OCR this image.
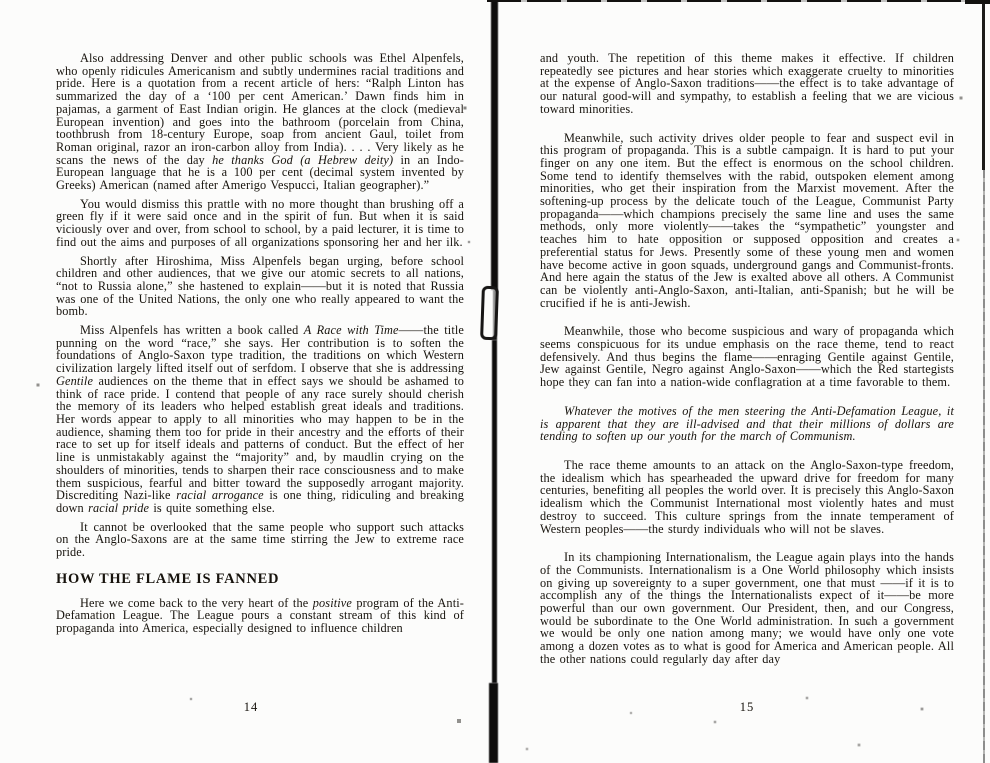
Also addressing Denver and other public schools was Ethel Alpenfels, who openly ridicules Americanism and subtly undermines racial traditions and pride. Here is a quotation from a recent article of hers: “Ralph Linton has summarized the day of a ‘100 per cent American.’ Dawn finds him in pajamas, a garment of East Indian origin. He glances at the clock (medieval European invention) and goes into the bathroom (porcelain from China, toothbrush from 18-century Europe, soap from ancient Gaul, toilet from Roman original, razor an iron-carbon alloy from India). . . . Very likely as he scans the news of the day he thanks God (a Hebrew deity) in an Indo-European language that he is a 100 per cent (decimal system invented by Greeks) American (named after Amerigo Vespucci, Italian geographer).”

You would dismiss this prattle with no more thought than brushing off a green fly if it were said once and in the spirit of fun. But when it is said viciously over and over, from school to school, by a paid lecturer, it is time to find out the aims and purposes of all organizations sponsoring her and her ilk.

Shortly after Hiroshima, Miss Alpenfels began urging, before school children and other audiences, that we give our atomic secrets to all nations, “not to Russia alone,” she hastened to explain——but it is noted that Russia was one of the United Nations, the only one who really appeared to want the bomb.

Miss Alpenfels has written a book called A Race with Time——the title punning on the word “race,” she says. Her contribution is to soften the foundations of Anglo-Saxon type tradition, the traditions on which Western civilization largely lifted itself out of serfdom. I observe that she is addressing Gentile audiences on the theme that in effect says we should be ashamed to think of race pride. I contend that people of any race surely should cherish the memory of its leaders who helped establish great ideals and traditions. Her words appear to apply to all minorities who may happen to be in the audience, shaming them too for pride in their ancestry and the efforts of their race to set up for itself ideals and patterns of conduct. But the effect of her line is unmistakably against the “majority” and, by maudlin crying on the shoulders of minorities, tends to sharpen their race consciousness and to make them suspicious, fearful and bitter toward the supposedly arrogant majority. Discrediting Nazi-like racial arrogance is one thing, ridiculing and breaking down racial pride is quite something else.

It cannot be overlooked that the same people who support such attacks on the Anglo-Saxons are at the same time stirring the Jew to extreme race pride.

HOW THE FLAME IS FANNED

Here we come back to the very heart of the positive program of the Anti-Defamation League. The League pours a constant stream of this kind of propaganda into America, especially designed to influence children

and youth. The repetition of this theme makes it effective. If children repeatedly see pictures and hear stories which exaggerate cruelty to minorities at the expense of Anglo-Saxon traditions——the effect is to take advantage of our natural good-will and sympathy, to establish a feeling that we are vicious toward minorities.

Meanwhile, such activity drives older people to fear and suspect evil in this program of propaganda. This is a subtle campaign. It is hard to put your finger on any one item. But the effect is enormous on the school children. Some tend to identify themselves with the rabid, outspoken element among minorities, who get their inspiration from the Marxist movement. After the softening-up process by the delicate touch of the League, Communist Party propaganda——which champions precisely the same line and uses the same methods, only more violently——takes the “sympathetic” youngster and teaches him to hate opposition or supposed opposition and creates a preferential status for Jews. Presently some of these young men and women have become active in goon squads, underground gangs and Communist-fronts. And here again the status of the Jew is exalted above all others. A Communist can be violently anti-Anglo-Saxon, anti-Italian, anti-Spanish; but he will be crucified if he is anti-Jewish.

Meanwhile, those who become suspicious and wary of propaganda which seems conspicuous for its undue emphasis on the race theme, tend to react defensively. And thus begins the flame——enraging Gentile against Gentile, Jew against Gentile, Negro against Anglo-Saxon——which the Red startegists hope they can fan into a nation-wide conflagration at a time favorable to them.

Whatever the motives of the men steering the Anti-Defamation League, it is apparent that they are ill-advised and that their millions of dollars are tending to soften up our youth for the march of Communism.

The race theme amounts to an attack on the Anglo-Saxon-type freedom, the idealism which has spearheaded the upward drive for freedom for many centuries, benefiting all peoples the world over. It is precisely this Anglo-Saxon idealism which the Communist International most violently hates and must destroy to succeed. This culture springs from the innate temperament of Western peoples——the sturdy individuals who will not be slaves.

In its championing Internationalism, the League again plays into the hands of the Communists. Internationalism is a One World philosophy which insists on giving up sovereignty to a super government, one that must ——if it is to accomplish any of the things the Internationalists expect of it——be more powerful than our own government. Our President, then, and our Congress, would be subordinate to the One World administration. In such a government we would be only one nation among many; we would have only one vote among a dozen votes as to what is good for America and American people. All the other nations could regularly day after day

14	15
